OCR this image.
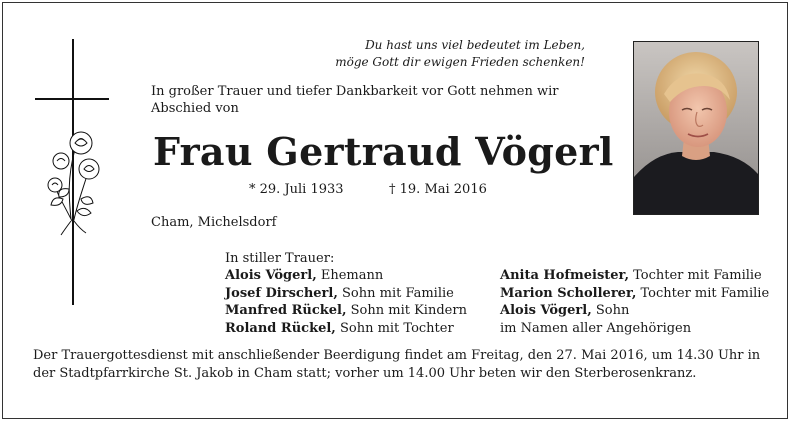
Du hast uns viel bedeutet im Leben,
möge Gott dir ewigen Frieden schenken!
In großer Trauer und tiefer Dankbarkeit vor Gott nehmen wir Abschied von
Frau Gertraud Vögerl
* 29. Juli 1933	† 19. Mai 2016
Cham, Michelsdorf
In stiller Trauer:
Alois Vögerl, Ehemann
Josef Dirscherl, Sohn mit Familie
Manfred Rückel, Sohn mit Kindern
Roland Rückel, Sohn mit Tochter
Anita Hofmeister, Tochter mit Familie
Marion Schollerer, Tochter mit Familie
Alois Vögerl, Sohn
im Namen aller Angehörigen
Der Trauergottesdienst mit anschließender Beerdigung findet am Freitag, den 27. Mai 2016, um 14.30 Uhr in der Stadtpfarrkirche St. Jakob in Cham statt; vorher um 14.00 Uhr beten wir den Sterberosenkranz.
